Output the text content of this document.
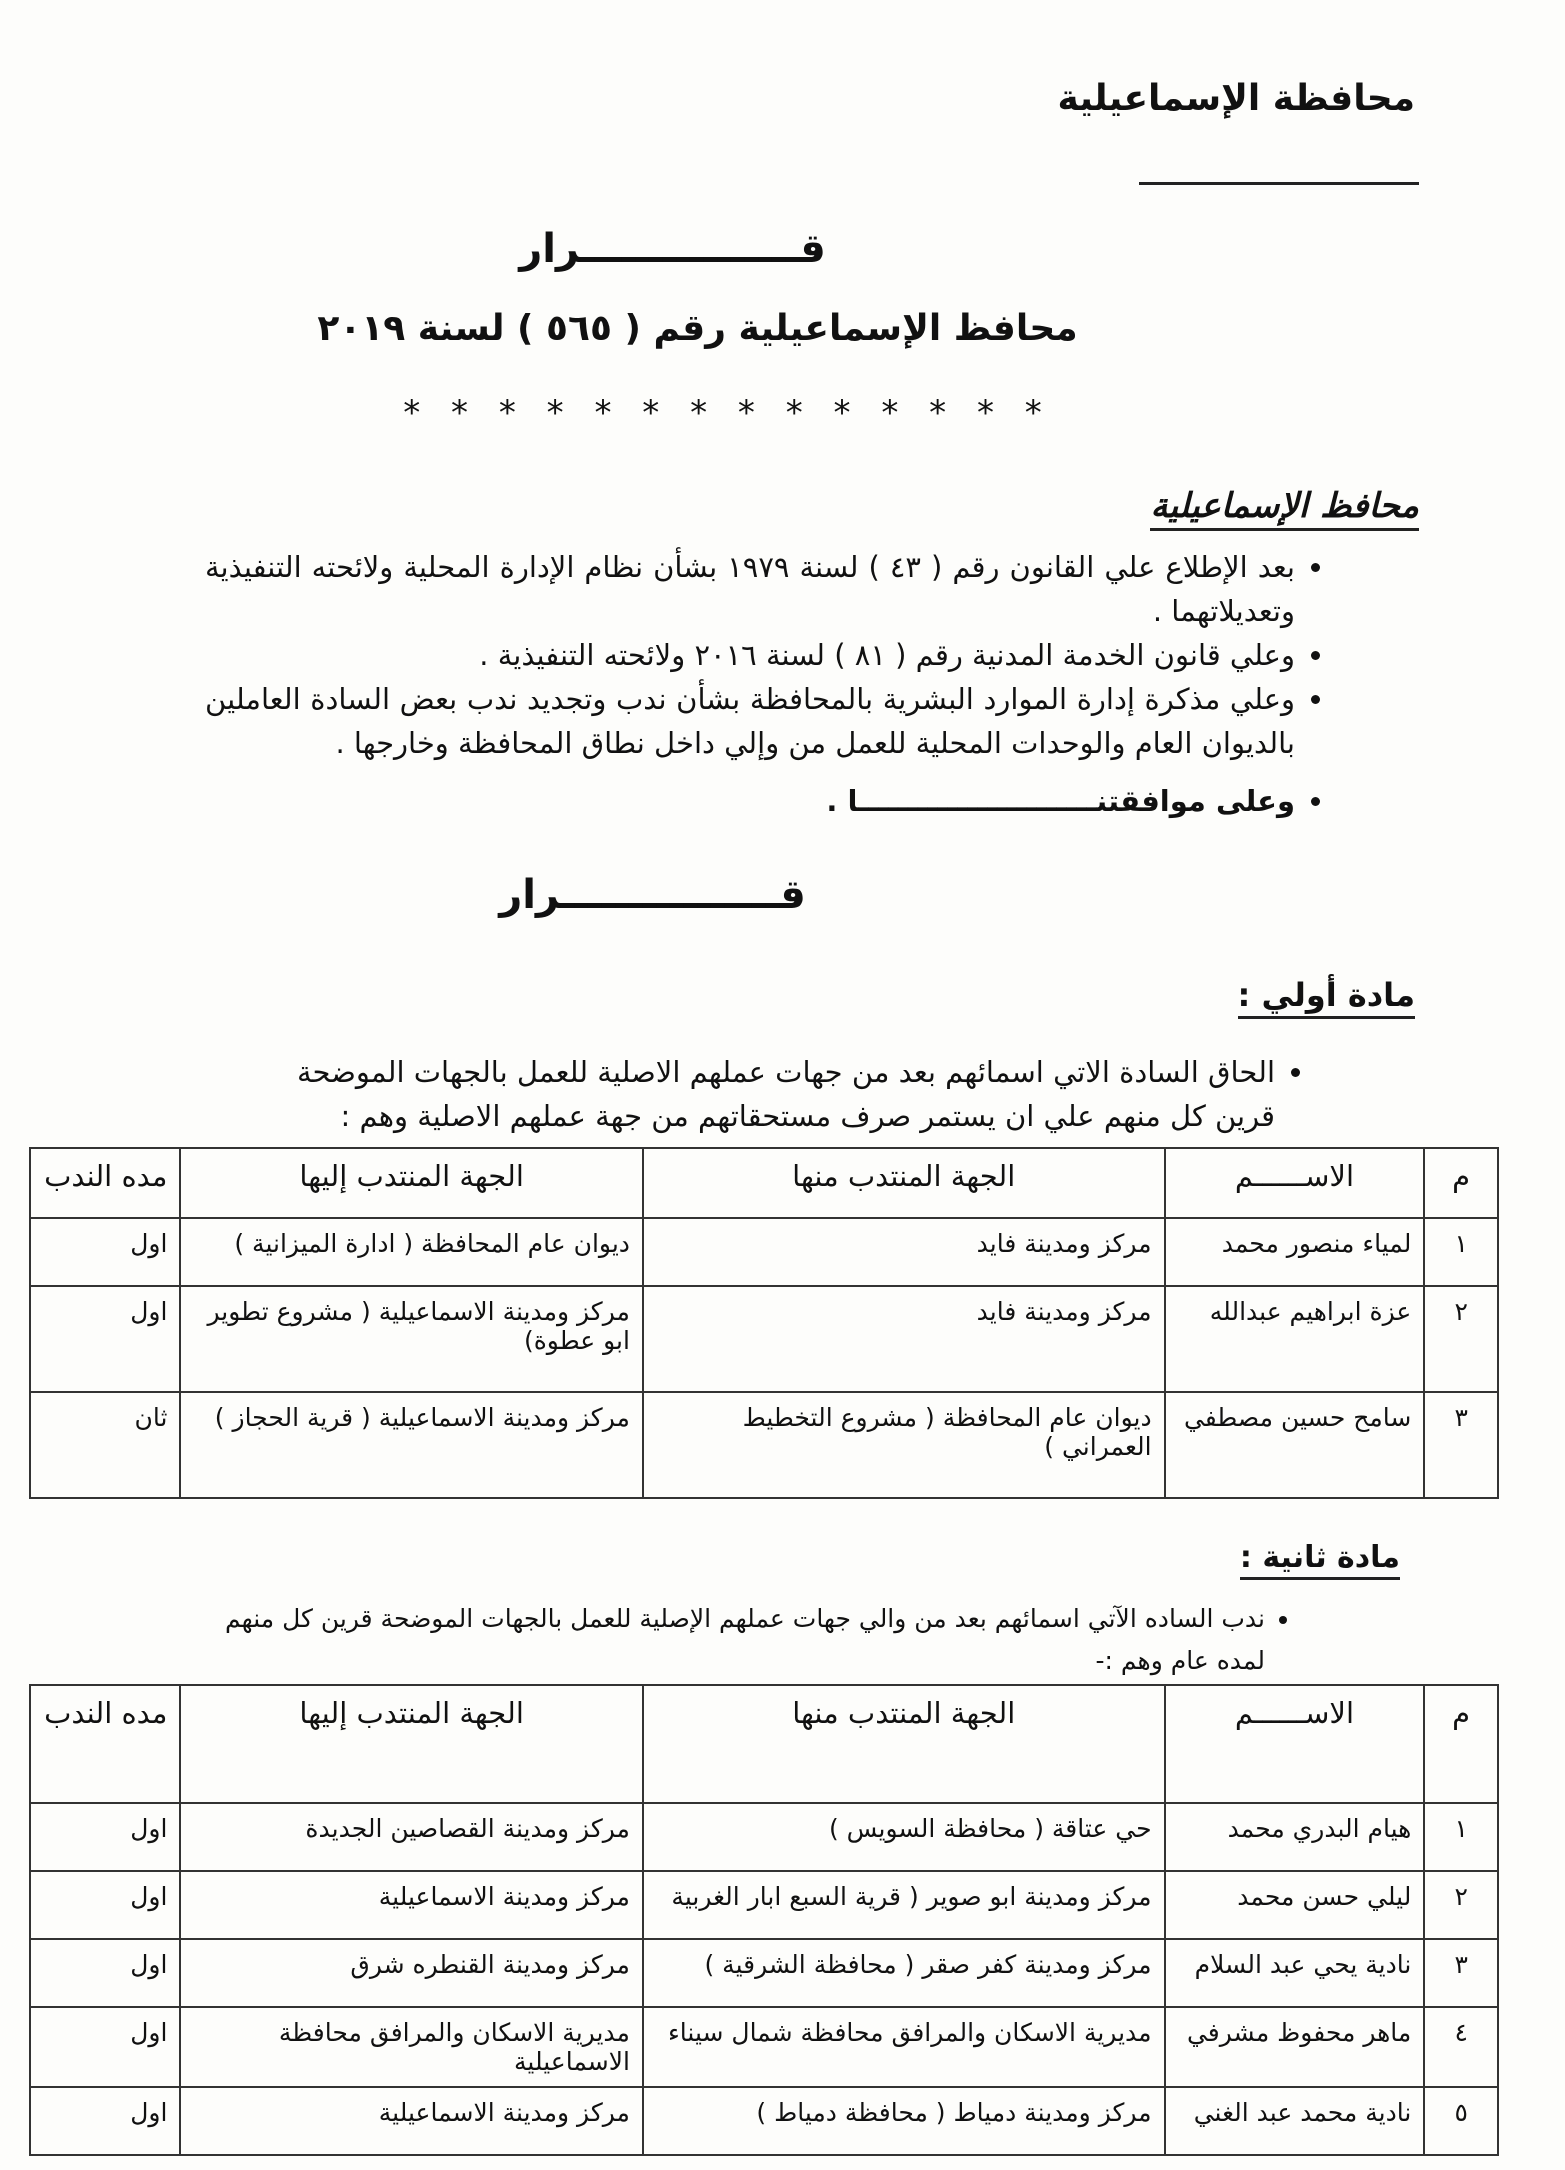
محافظة الإسماعيلية
قــــــــــــــــرار
محافظ الإسماعيلية رقم ( ٥٦٥ ) لسنة ٢٠١٩
* * * * * * * * * * * * * *
محافظ الإسماعيلية
• بعد الإطلاع علي القانون رقم ( ٤٣ ) لسنة ١٩٧٩ بشأن نظام الإدارة المحلية ولائحته التنفيذية وتعديلاتهما .
• وعلي قانون الخدمة المدنية رقم ( ٨١ ) لسنة ٢٠١٦ ولائحته التنفيذية .
• وعلي مذكرة إدارة الموارد البشرية بالمحافظة بشأن ندب وتجديد ندب بعض السادة العاملين بالديوان العام والوحدات المحلية للعمل من وإلي داخل نطاق المحافظة وخارجها .
• وعلى موافقتنــــــــــــــــــــــــا .
قــــــــــــــــرار
مادة أولي :
• الحاق السادة الاتي اسمائهم بعد من جهات عملهم الاصلية للعمل بالجهات الموضحة قرين كل منهم علي ان يستمر صرف مستحقاتهم من جهة عملهم الاصلية وهم :
م	الاســــــم	الجهة المنتدب منها	الجهة المنتدب إليها	مده الندب
١	لمياء منصور محمد	مركز ومدينة فايد	ديوان عام المحافظة ( ادارة الميزانية )	اول
٢	عزة ابراهيم عبدالله	مركز ومدينة فايد	مركز ومدينة الاسماعيلية ( مشروع تطوير ابو عطوة)	اول
٣	سامح حسين مصطفي	ديوان عام المحافظة ( مشروع التخطيط العمراني )	مركز ومدينة الاسماعيلية ( قرية الحجاز )	ثان
مادة ثانية :
• ندب الساده الآتي اسمائهم بعد من والي جهات عملهم الإصلية للعمل بالجهات الموضحة قرين كل منهم لمده عام وهم :-
م	الاســــــم	الجهة المنتدب منها	الجهة المنتدب إليها	مده الندب
١	هيام البدري محمد	حي عتاقة ( محافظة السويس )	مركز ومدينة القصاصين الجديدة	اول
٢	ليلي حسن محمد	مركز ومدينة ابو صوير ( قرية السبع ابار الغربية	مركز ومدينة الاسماعيلية	اول
٣	نادية يحي عبد السلام	مركز ومدينة كفر صقر ( محافظة الشرقية )	مركز ومدينة القنطره شرق	اول
٤	ماهر محفوظ مشرفي	مديرية الاسكان والمرافق محافظة شمال سيناء	مديرية الاسكان والمرافق محافظة الاسماعيلية	اول
٥	نادية محمد عبد الغني	مركز ومدينة دمياط ( محافظة دمياط )	مركز ومدينة الاسماعيلية	اول
